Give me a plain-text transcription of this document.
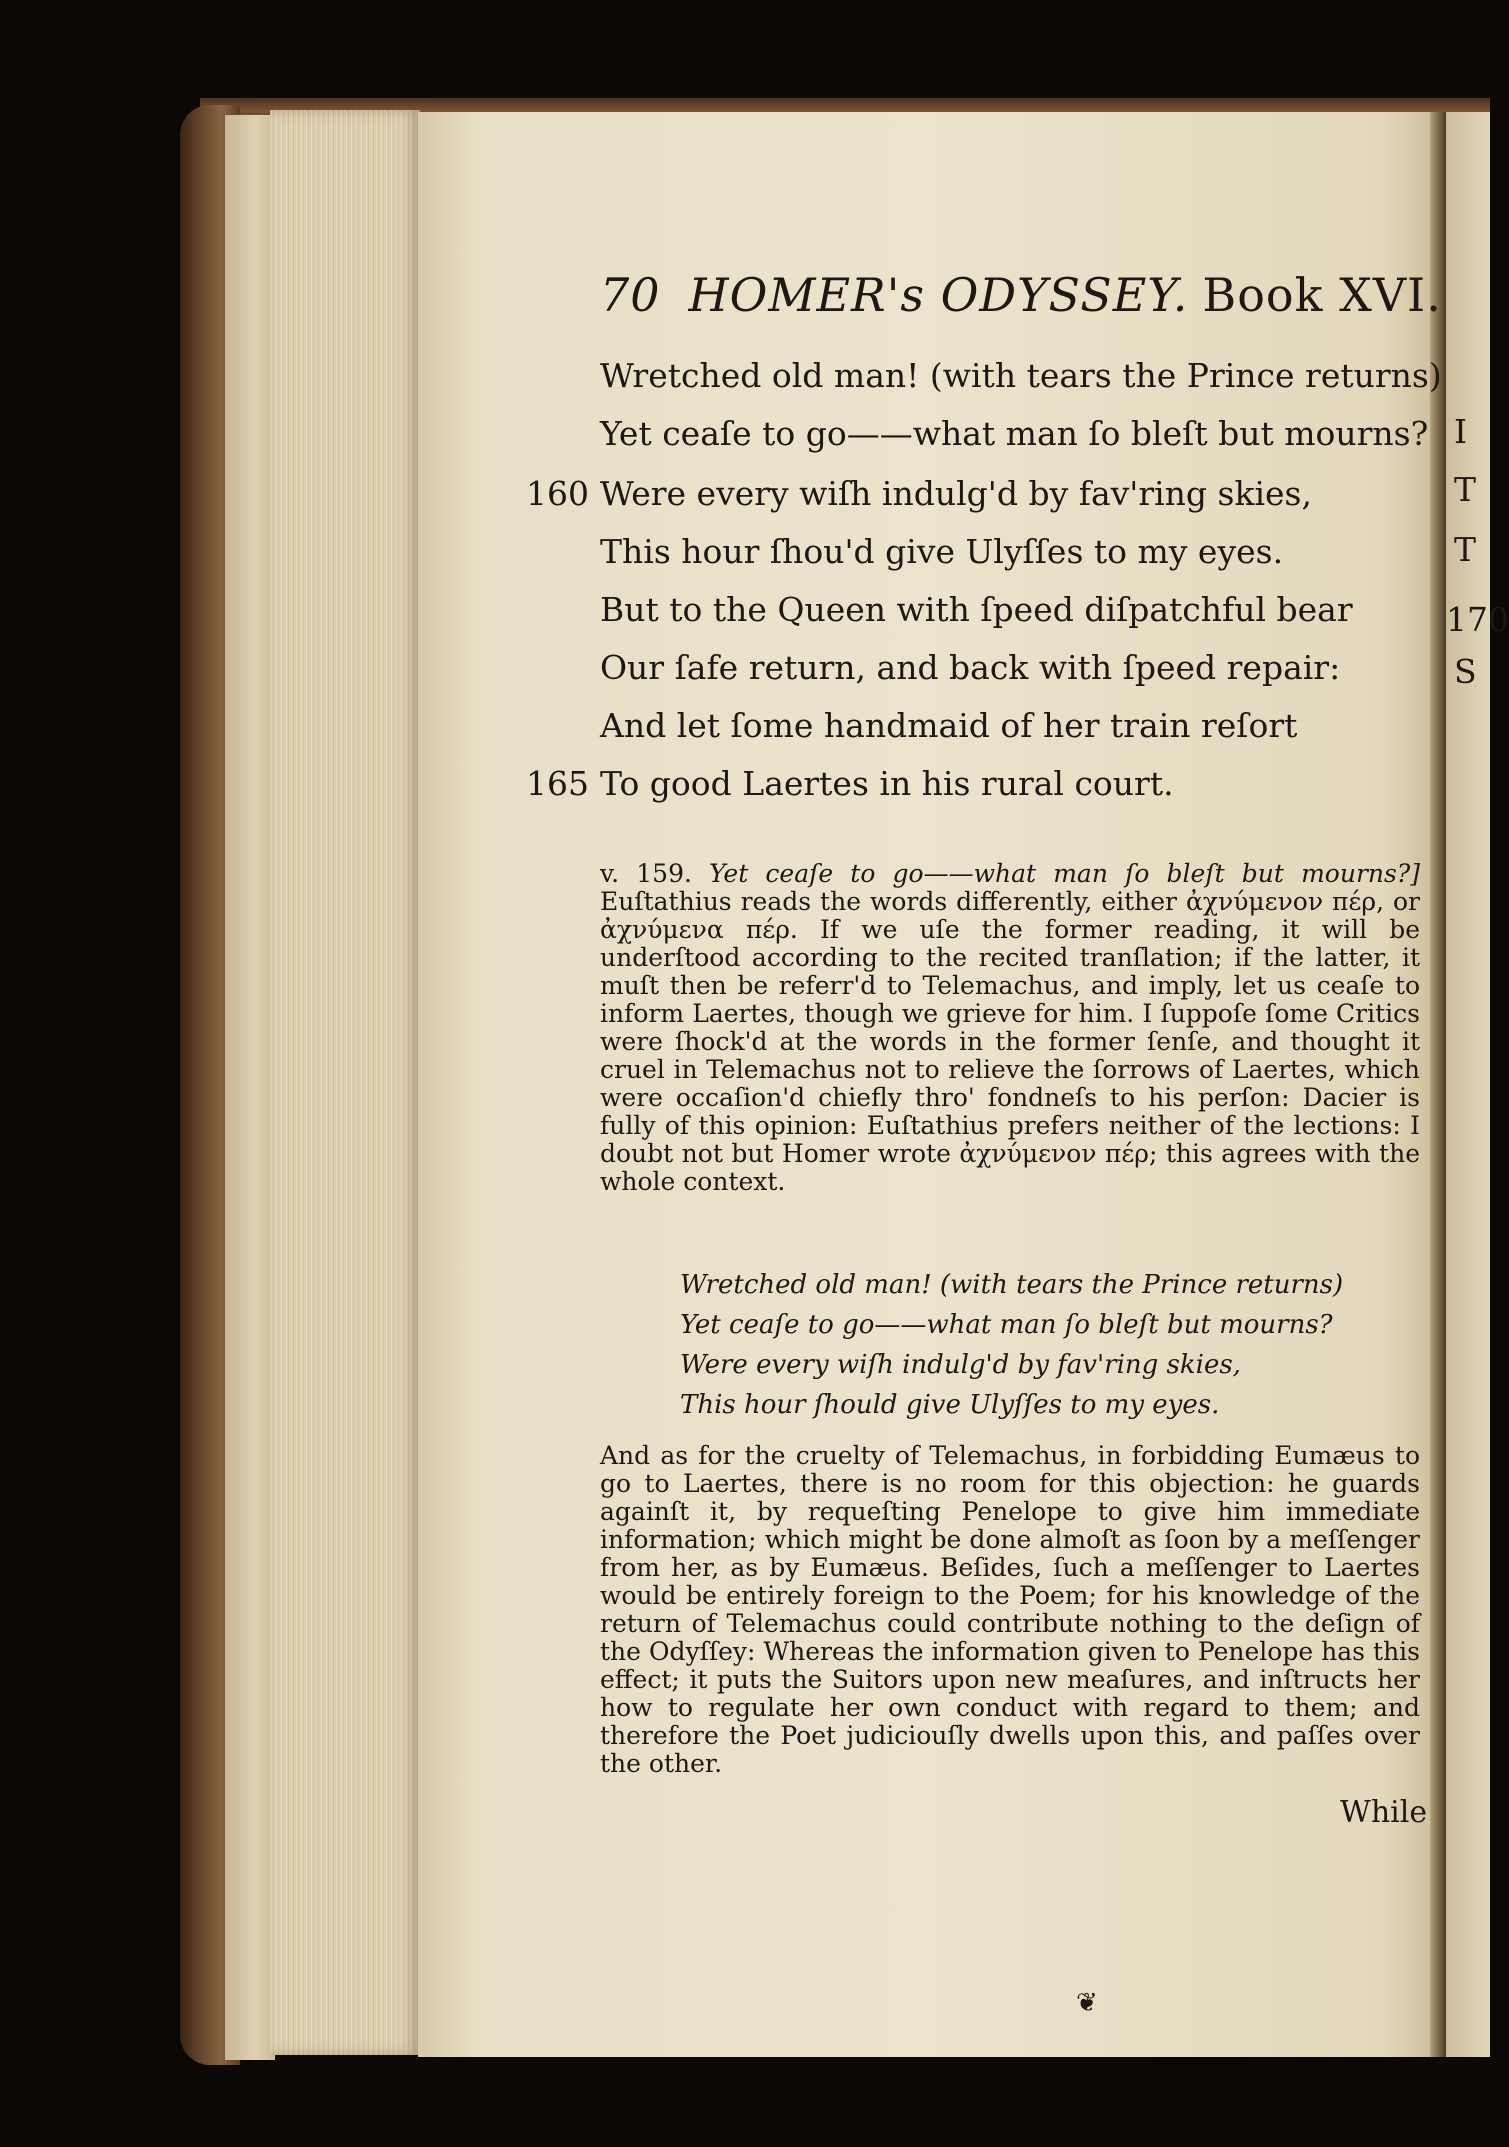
170
I
T
T
S
70 HOMER's ODYSSEY. Book XVI.
Wretched old man! (with tears the Prince returns)
Yet ceaſe to go——what man ſo bleſt but mourns?
160 Were every wiſh indulg'd by fav'ring skies,
This hour ſhou'd give Ulyſſes to my eyes.
But to the Queen with ſpeed diſpatchful bear
Our ſafe return, and back with ſpeed repair:
And let ſome handmaid of her train reſort
165 To good Laertes in his rural court.
v. 159. Yet ceaſe to go——what man ſo bleſt but mourns?] Euſtathius reads the words differently, either ἀχνύμενον πέρ, or ἀχνύμενα πέρ. If we uſe the former reading, it will be underſtood according to the recited tranſlation; if the latter, it muſt then be referr'd to Telemachus, and imply, let us ceaſe to inform Laertes, though we grieve for him. I ſuppoſe ſome Critics were ſhock'd at the words in the former ſenſe, and thought it cruel in Telemachus not to relieve the ſorrows of Laertes, which were occaſion'd chiefly thro' fondneſs to his perſon: Dacier is fully of this opinion: Euſtathius prefers neither of the lections: I doubt not but Homer wrote ἀχνύμενον πέρ; this agrees with the whole context.
Wretched old man! (with tears the Prince returns)
Yet ceaſe to go——what man ſo bleſt but mourns?
Were every wiſh indulg'd by fav'ring skies,
This hour ſhould give Ulyſſes to my eyes.
And as for the cruelty of Telemachus, in forbidding Eumæus to go to Laertes, there is no room for this objection: he guards againſt it, by requeſting Penelope to give him immediate information; which might be done almoſt as ſoon by a meſſenger from her, as by Eumæus. Beſides, ſuch a meſſenger to Laertes would be entirely foreign to the Poem; for his knowledge of the return of Telemachus could contribute nothing to the deſign of the Odyſſey: Whereas the information given to Penelope has this effect; it puts the Suitors upon new meaſures, and inſtructs her how to regulate her own conduct with regard to them; and therefore the Poet judiciouſly dwells upon this, and paſſes over the other.
While
❦
